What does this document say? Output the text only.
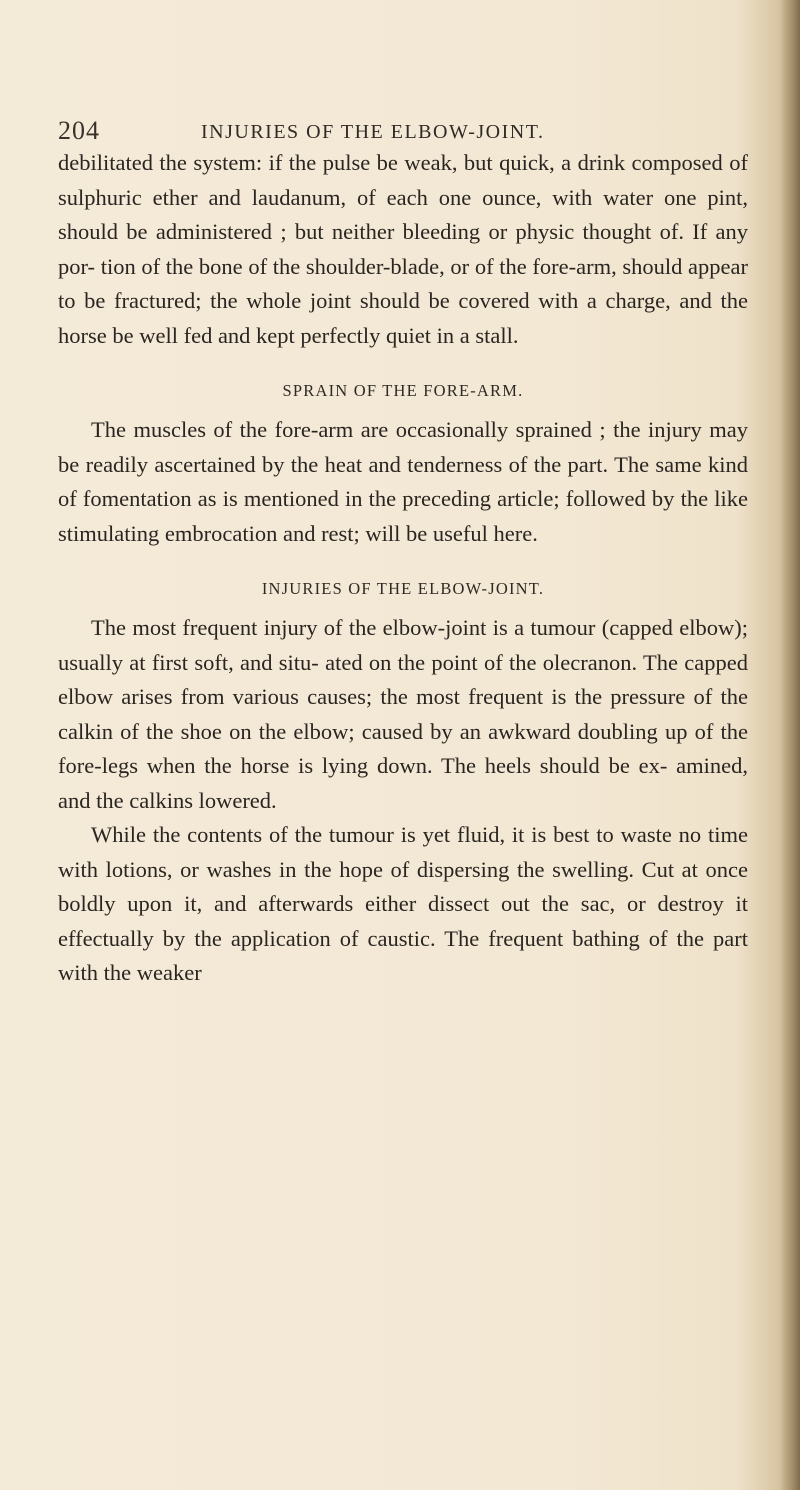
204	INJURIES OF THE ELBOW-JOINT.

debilitated the system: if the pulse be weak, but quick, a drink composed of sulphuric ether and laudanum, of each one ounce, with water one pint, should be administered ; but neither bleeding or physic thought of. If any por- tion of the bone of the shoulder-blade, or of the fore-arm, should appear to be fractured; the whole joint should be covered with a charge, and the horse be well fed and kept perfectly quiet in a stall.

SPRAIN OF THE FORE-ARM.

The muscles of the fore-arm are occasionally sprained ; the injury may be readily ascertained by the heat and tenderness of the part. The same kind of fomentation as is mentioned in the preceding article; followed by the like stimulating embrocation and rest; will be useful here.

INJURIES OF THE ELBOW-JOINT.

The most frequent injury of the elbow-joint is a tumour (capped elbow); usually at first soft, and situ- ated on the point of the olecranon. The capped elbow arises from various causes; the most frequent is the pressure of the calkin of the shoe on the elbow; caused by an awkward doubling up of the fore-legs when the horse is lying down. The heels should be ex- amined, and the calkins lowered.

While the contents of the tumour is yet fluid, it is best to waste no time with lotions, or washes in the hope of dispersing the swelling. Cut at once boldly upon it, and afterwards either dissect out the sac, or destroy it effectually by the application of caustic. The frequent bathing of the part with the weaker
